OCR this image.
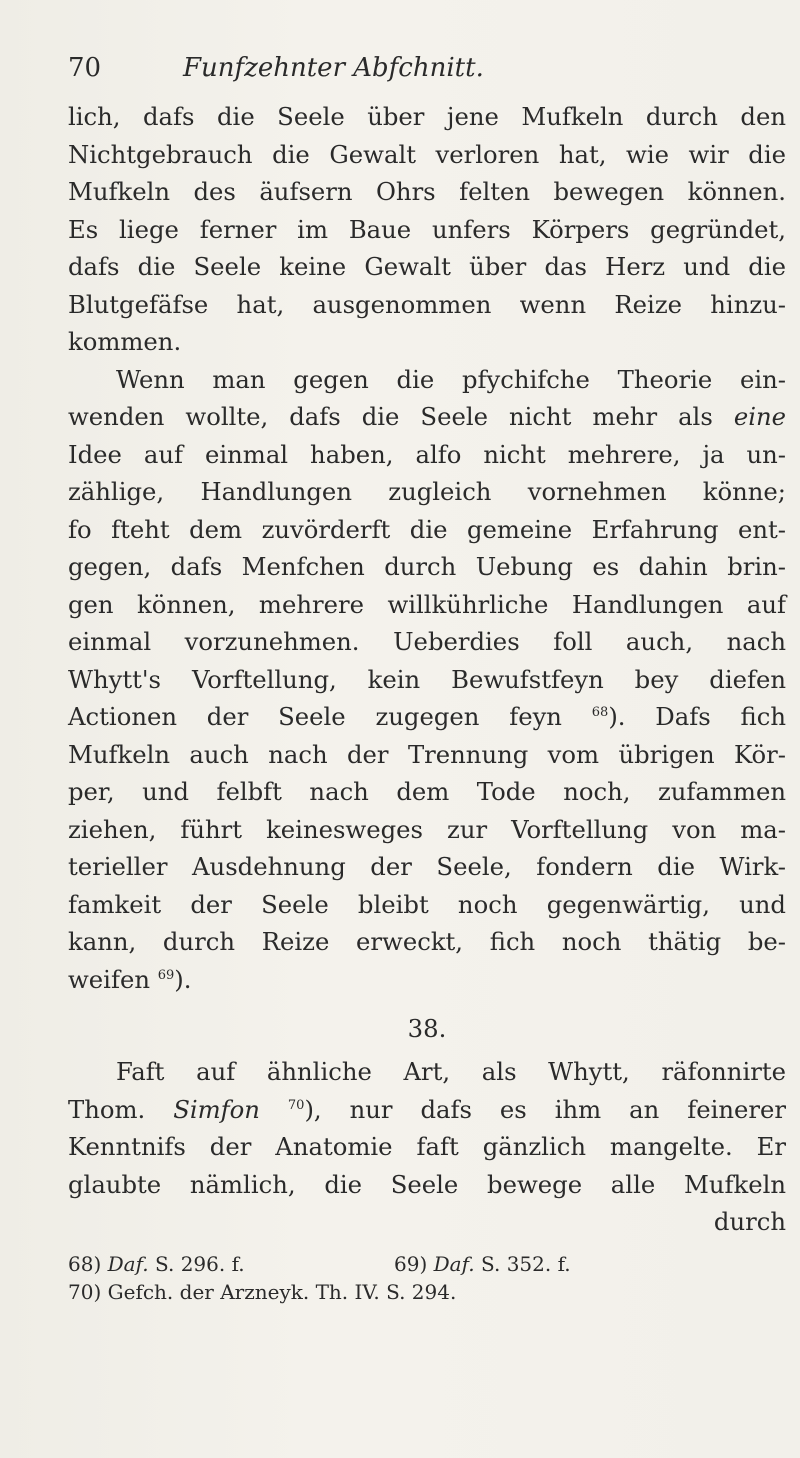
70	Funfzehnter Abfchnitt.
lich, dafs die Seele über jene Mufkeln durch den
Nichtgebrauch die Gewalt verloren hat, wie wir die
Mufkeln des äufsern Ohrs felten bewegen können.
Es liege ferner im Baue unfers Körpers gegründet,
dafs die Seele keine Gewalt über das Herz und die
Blutgefäfse hat, ausgenommen wenn Reize hinzu-
kommen.
Wenn man gegen die pfychifche Theorie ein-
wenden wollte, dafs die Seele nicht mehr als eine
Idee auf einmal haben, alfo nicht mehrere, ja un-
zählige, Handlungen zugleich vornehmen könne;
fo fteht dem zuvörderft die gemeine Erfahrung ent-
gegen, dafs Menfchen durch Uebung es dahin brin-
gen können, mehrere willkührliche Handlungen auf
einmal vorzunehmen. Ueberdies foll auch, nach
Whytt's Vorftellung, kein Bewufstfeyn bey diefen
Actionen der Seele zugegen feyn $^{68}$). Dafs fich
Mufkeln auch nach der Trennung vom übrigen Kör-
per, und felbft nach dem Tode noch, zufammen
ziehen, führt keinesweges zur Vorftellung von ma-
terieller Ausdehnung der Seele, fondern die Wirk-
famkeit der Seele bleibt noch gegenwärtig, und
kann, durch Reize erweckt, fich noch thätig be-
weifen $^{69}$).
38.
Faft auf ähnliche Art, als Whytt, räfonnirte
Thom. Simfon $^{70}$), nur dafs es ihm an feinerer
Kenntnifs der Anatomie faft gänzlich mangelte. Er
glaubte nämlich, die Seele bewege alle Mufkeln
durch
68) Daf. S. 296. f.	69) Daf. S. 352. f.
70) Gefch. der Arzneyk. Th. IV. S. 294.
